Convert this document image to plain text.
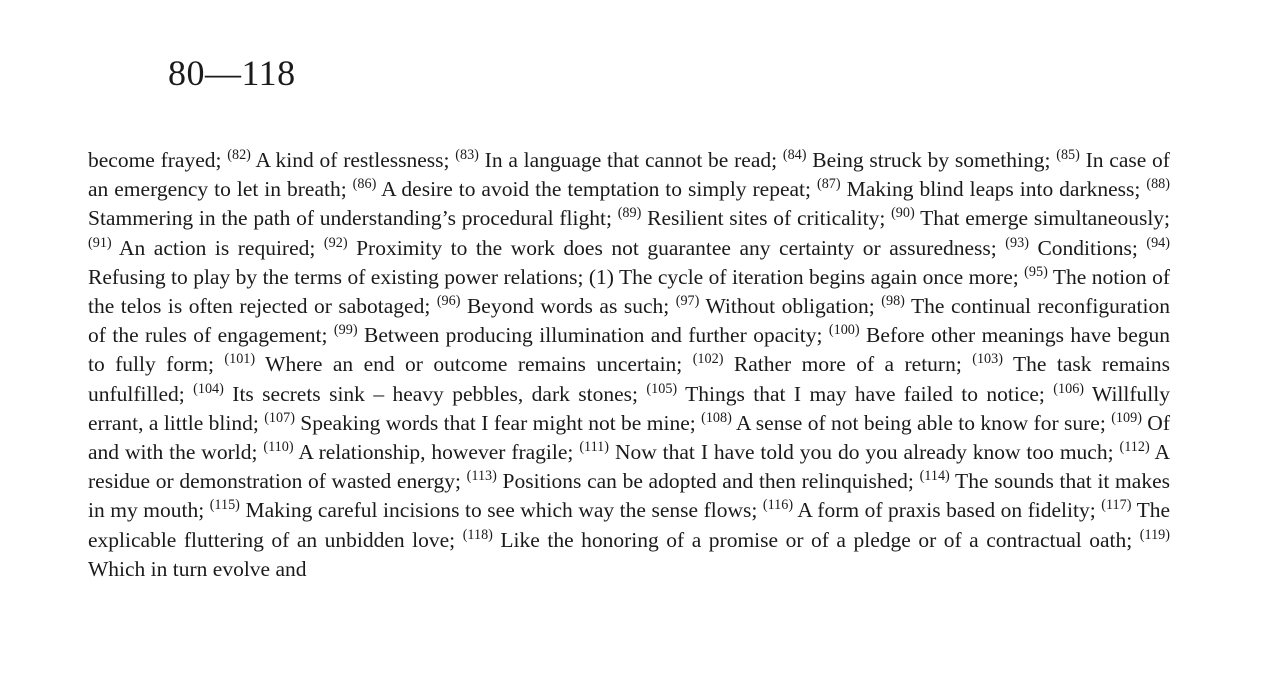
80—118
become frayed; $^{(82)}$ A kind of restlessness; $^{(83)}$ In a language that cannot be read; $^{(84)}$ Being struck by something; $^{(85)}$ In case of an emergency to let in breath; $^{(86)}$ A desire to avoid the temptation to simply repeat; $^{(87)}$ Making blind leaps into darkness; $^{(88)}$ Stammering in the path of understanding’s procedural flight; $^{(89)}$ Resilient sites of criticality; $^{(90)}$ That emerge simultaneously; $^{(91)}$ An action is required; $^{(92)}$ Proximity to the work does not guarantee any certainty or assuredness; $^{(93)}$ Conditions; $^{(94)}$ Refusing to play by the terms of existing power relations; (1) The cycle of iteration begins again once more; $^{(95)}$ The notion of the telos is often rejected or sabotaged; $^{(96)}$ Beyond words as such; $^{(97)}$ Without obligation; $^{(98)}$ The continual reconfiguration of the rules of engagement; $^{(99)}$ Between producing illumination and further opacity; $^{(100)}$ Before other meanings have begun to fully form; $^{(101)}$ Where an end or outcome remains uncertain; $^{(102)}$ Rather more of a return; $^{(103)}$ The task remains unfulfilled; $^{(104)}$ Its secrets sink – heavy pebbles, dark stones; $^{(105)}$ Things that I may have failed to notice; $^{(106)}$ Willfully errant, a little blind; $^{(107)}$ Speaking words that I fear might not be mine; $^{(108)}$ A sense of not being able to know for sure; $^{(109)}$ Of and with the world; $^{(110)}$ A relationship, however fragile; $^{(111)}$ Now that I have told you do you already know too much; $^{(112)}$ A residue or demonstration of wasted energy; $^{(113)}$ Positions can be adopted and then relinquished; $^{(114)}$ The sounds that it makes in my mouth; $^{(115)}$ Making careful incisions to see which way the sense flows; $^{(116)}$ A form of praxis based on fidelity; $^{(117)}$ The explicable fluttering of an unbidden love; $^{(118)}$ Like the honoring of a promise or of a pledge or of a contractual oath; $^{(119)}$ Which in turn evolve and
